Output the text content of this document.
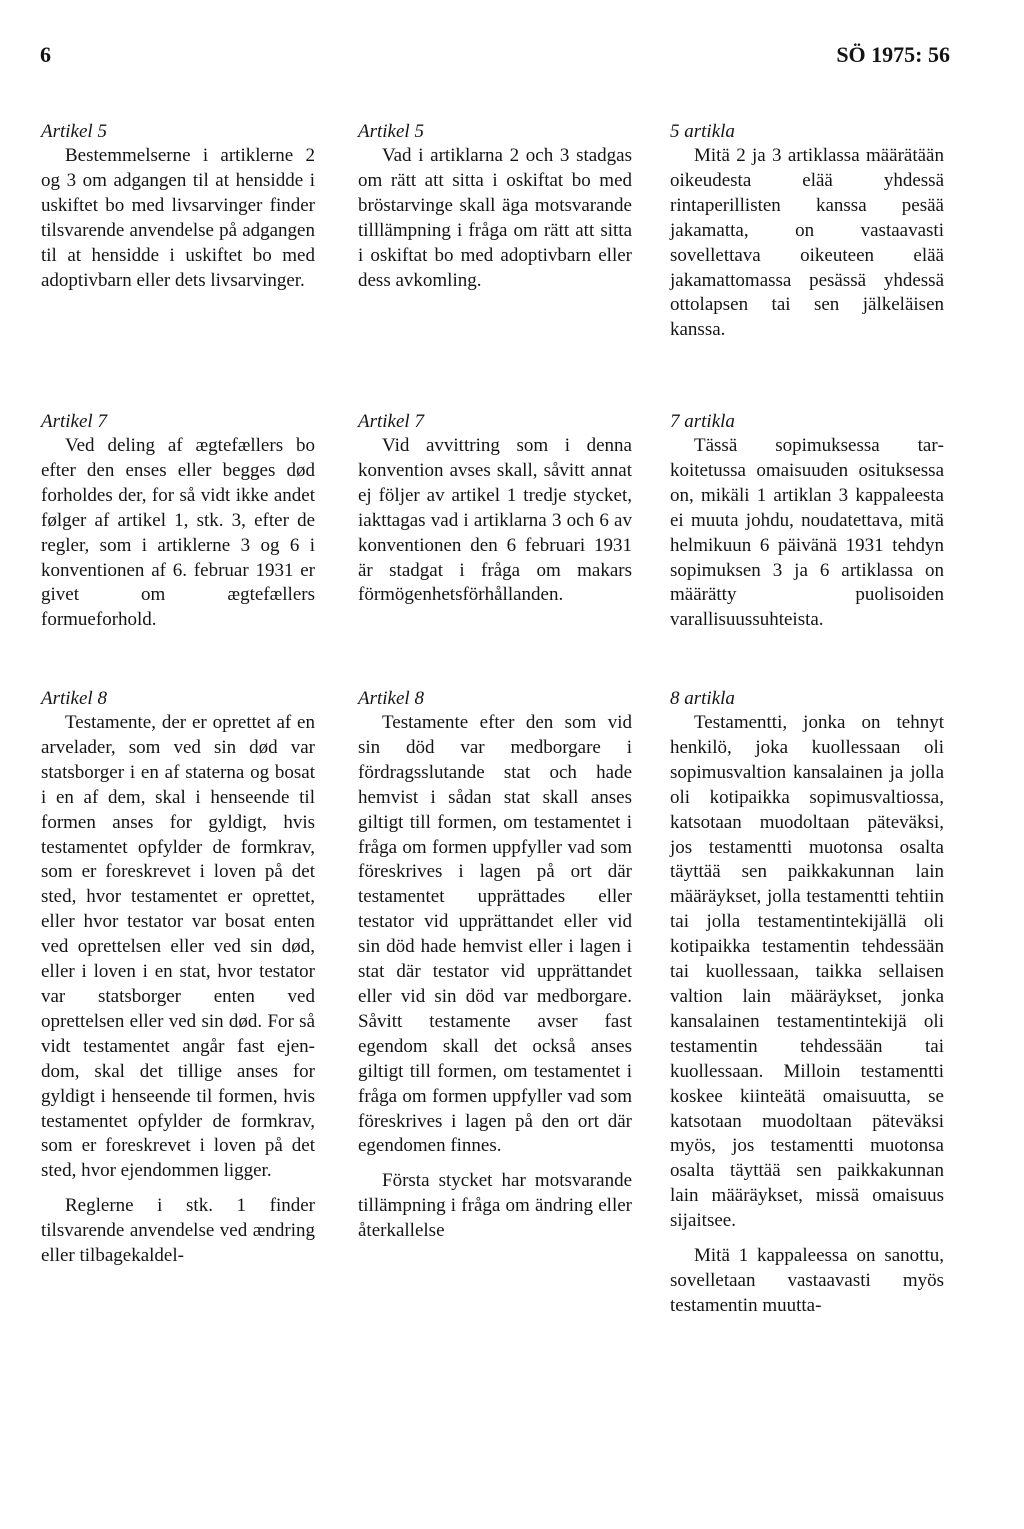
6	SÖ 1975: 56

Artikel 5

Bestemmelserne i artiklerne 2 og 3 om adgangen til at hensidde i uskiftet bo med livsarvinger finder tilsvarende anvendelse på adgangen til at hensidde i uskiftet bo med adoptivbarn eller dets livsarvinger.

Artikel 7

Ved deling af ægtefællers bo efter den enses eller begges død forholdes der, for så vidt ikke andet følger af artikel 1, stk. 3, efter de regler, som i artiklerne 3 og 6 i konventionen af 6. februar 1931 er givet om ægtefællers formueforhold.

Artikel 8

Testamente, der er oprettet af en arvelader, som ved sin død var statsborger i en af staterna og bosat i en af dem, skal i henseende til formen anses for gyldigt, hvis testamentet opfylder de formkrav, som er foreskrevet i loven på det sted, hvor testamentet er oprettet, eller hvor testator var bosat enten ved oprettelsen eller ved sin død, eller i loven i en stat, hvor testator var statsborger enten ved oprettelsen eller ved sin død. For så vidt testamentet angår fast ejendom, skal det tillige anses for gyldigt i henseende til formen, hvis testamentet opfylder de formkrav, som er foreskrevet i loven på det sted, hvor ejendommen ligger.

Reglerne i stk. 1 finder tilsvarende anvendelse ved ændring eller tilbagekaldel-

Artikel 5

Vad i artiklarna 2 och 3 stadgas om rätt att sitta i oskiftat bo med bröstarvinge skall äga motsvarande tilllämpning i fråga om rätt att sitta i oskiftat bo med adoptivbarn eller dess avkomling.

Artikel 7

Vid avvittring som i denna konvention avses skall, såvitt annat ej följer av artikel 1 tredje stycket, iakttagas vad i artiklarna 3 och 6 av konventionen den 6 februari 1931 är stadgat i fråga om makars förmögenhetsförhållanden.

Artikel 8

Testamente efter den som vid sin död var medborgare i fördragsslutande stat och hade hemvist i sådan stat skall anses giltigt till formen, om testamentet i fråga om formen uppfyller vad som föreskrives i lagen på ort där testamentet upprättades eller testator vid upprättandet eller vid sin död hade hemvist eller i lagen i stat där testator vid upprättandet eller vid sin död var medborgare. Såvitt testamente avser fast egendom skall det också anses giltigt till formen, om testamentet i fråga om formen uppfyller vad som föreskrives i lagen på den ort där egendomen finnes.

Första stycket har motsvarande tillämpning i fråga om ändring eller återkallelse

5 artikla

Mitä 2 ja 3 artiklassa määrätään oikeudesta elää yhdessä rintaperillisten kanssa pesää jakamatta, on vastaavasti sovellettava oikeuteen elää jakamattomassa pesässä yhdessä ottolapsen tai sen jälkeläisen kanssa.

7 artikla

Tässä sopimuksessa tarkoitetussa omaisuuden osituksessa on, mikäli 1 artiklan 3 kappaleesta ei muuta johdu, noudatettava, mitä helmikuun 6 päivänä 1931 tehdyn sopimuksen 3 ja 6 artiklassa on määrätty puolisoiden varallisuussuhteista.

8 artikla

Testamentti, jonka on tehnyt henkilö, joka kuollessaan oli sopimusvaltion kansalainen ja jolla oli kotipaikka sopimusvaltiossa, katsotaan muodoltaan päteväksi, jos testamentti muotonsa osalta täyttää sen paikkakunnan lain määräykset, jolla testamentti tehtiin tai jolla testamentintekijällä oli kotipaikka testamentin tehdessään tai kuollessaan, taikka sellaisen valtion lain määräykset, jonka kansalainen testamentintekijä oli testamentin tehdessään tai kuollessaan. Milloin testamentti koskee kiinteätä omaisuutta, se katsotaan muodoltaan päteväksi myös, jos testamentti muotonsa osalta täyttää sen paikkakunnan lain määräykset, missä omaisuus sijaitsee.

Mitä 1 kappaleessa on sanottu, sovelletaan vastaavasti myös testamentin muutta-
